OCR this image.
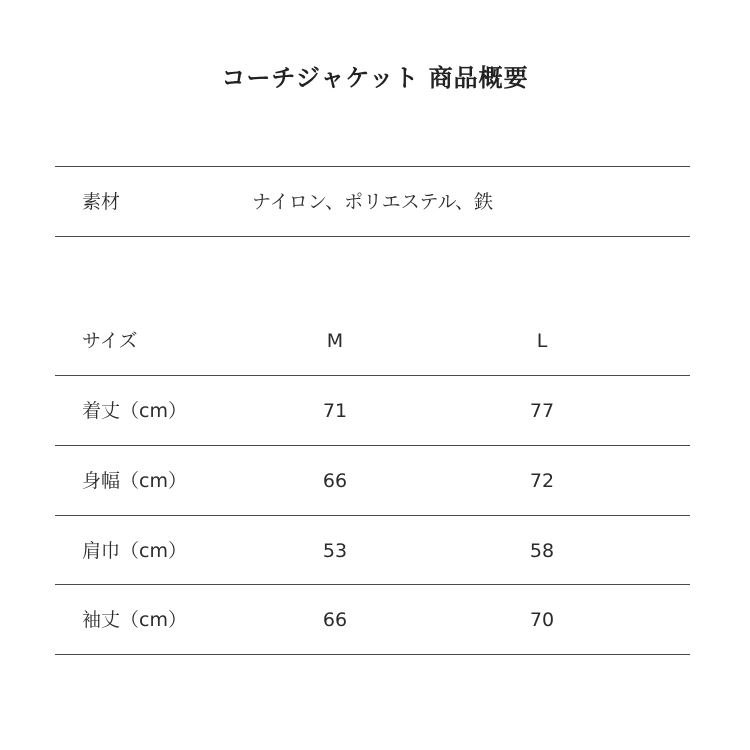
コーチジャケット 商品概要
素材	ナイロン、ポリエステル、鉄
サイズ	M	L
着丈（cm）	71	77
身幅（cm）	66	72
肩巾（cm）	53	58
袖丈（cm）	66	70
